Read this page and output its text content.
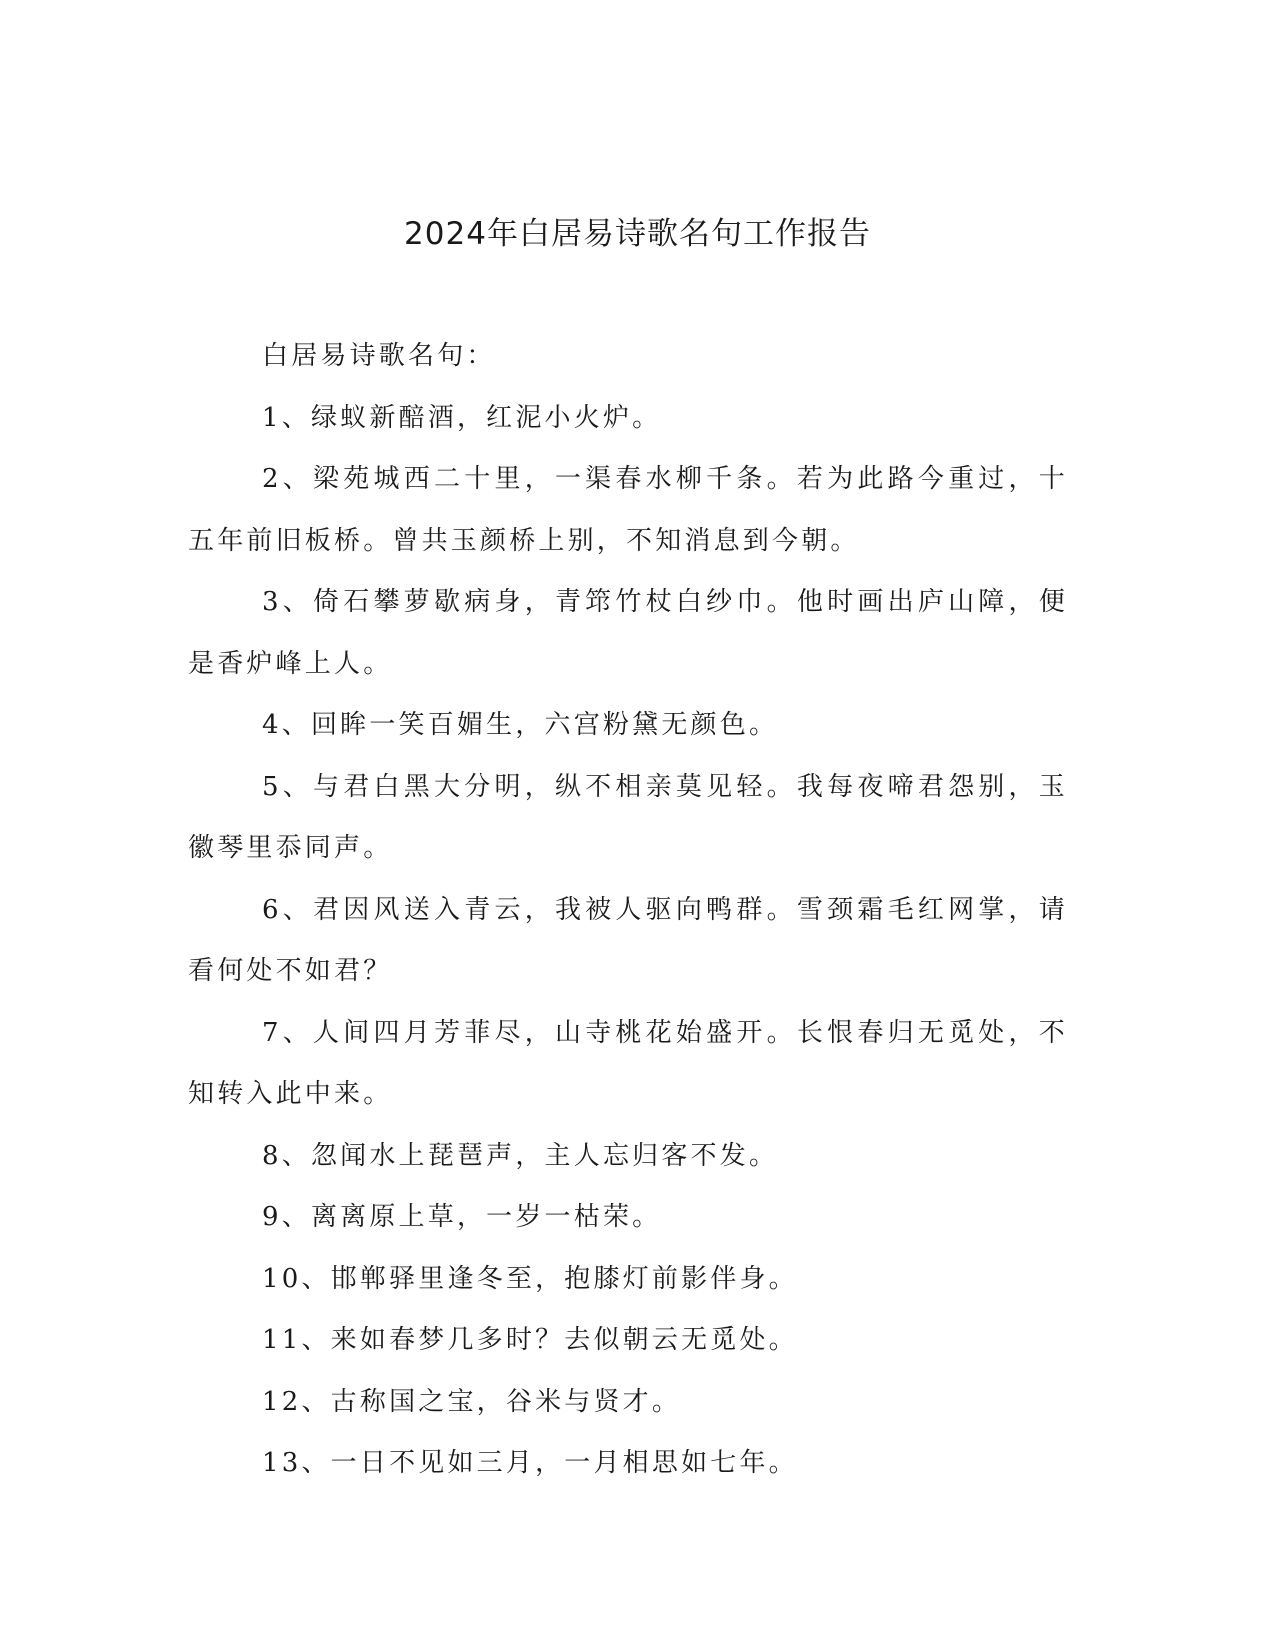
2024年白居易诗歌名句工作报告

白居易诗歌名句：

1、绿蚁新醅酒，红泥小火炉。

2、梁苑城西二十里，一渠春水柳千条。若为此路今重过，十五年前旧板桥。曾共玉颜桥上别，不知消息到今朝。

3、倚石攀萝歇病身，青筇竹杖白纱巾。他时画出庐山障，便是香炉峰上人。

4、回眸一笑百媚生，六宫粉黛无颜色。

5、与君白黑大分明，纵不相亲莫见轻。我每夜啼君怨别，玉徽琴里忝同声。

6、君因风送入青云，我被人驱向鸭群。雪颈霜毛红网掌，请看何处不如君？

7、人间四月芳菲尽，山寺桃花始盛开。长恨春归无觅处，不知转入此中来。

8、忽闻水上琵琶声，主人忘归客不发。

9、离离原上草，一岁一枯荣。

10、邯郸驿里逢冬至，抱膝灯前影伴身。

11、来如春梦几多时？去似朝云无觅处。

12、古称国之宝，谷米与贤才。

13、一日不见如三月，一月相思如七年。
